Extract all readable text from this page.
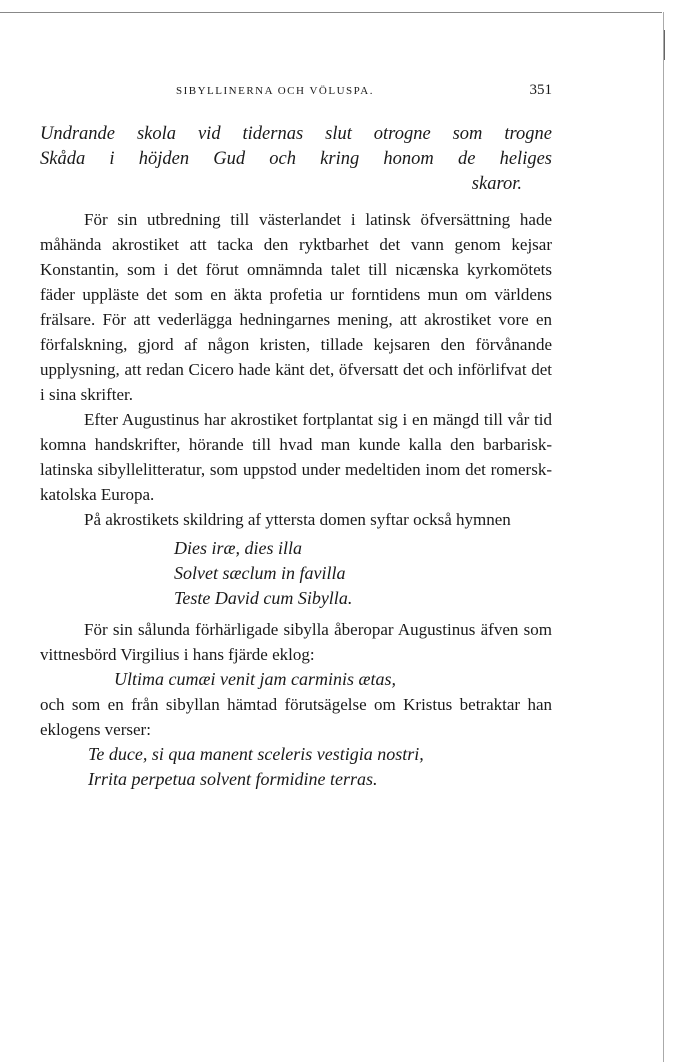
SIBYLLINERNA OCH VÖLUSPA.	351
Undrande skola vid tidernas slut otrogne som trogne
Skåda i höjden Gud och kring honom de heliges
skaror.

För sin utbredning till västerlandet i latinsk öfversättning hade måhända akrostiket att tacka den ryktbarhet det vann genom kejsar Konstantin, som i det förut omnämnda talet till nicænska kyrkomötets fäder uppläste det som en äkta profetia ur forntidens mun om världens frälsare. För att vederlägga hedningarnes mening, att akrostiket vore en förfalskning, gjord af någon kristen, tillade kejsaren den förvånande upplysning, att redan Cicero hade känt det, öfversatt det och införlifvat det i sina skrifter.

Efter Augustinus har akrostiket fortplantat sig i en mängd till vår tid komna handskrifter, hörande till hvad man kunde kalla den barbarisk-latinska sibyllelitteratur, som uppstod under medeltiden inom det romersk-katolska Europa.

På akrostikets skildring af yttersta domen syftar också hymnen

Dies iræ, dies illa
Solvet sæclum in favilla
Teste David cum Sibylla.

För sin sålunda förhärligade sibylla åberopar Augustinus äfven som vittnesbörd Virgilius i hans fjärde eklog:

Ultima cumæi venit jam carminis ætas,

och som en från sibyllan hämtad förutsägelse om Kristus betraktar han eklogens verser:

Te duce, si qua manent sceleris vestigia nostri,
Irrita perpetua solvent formidine terras.
